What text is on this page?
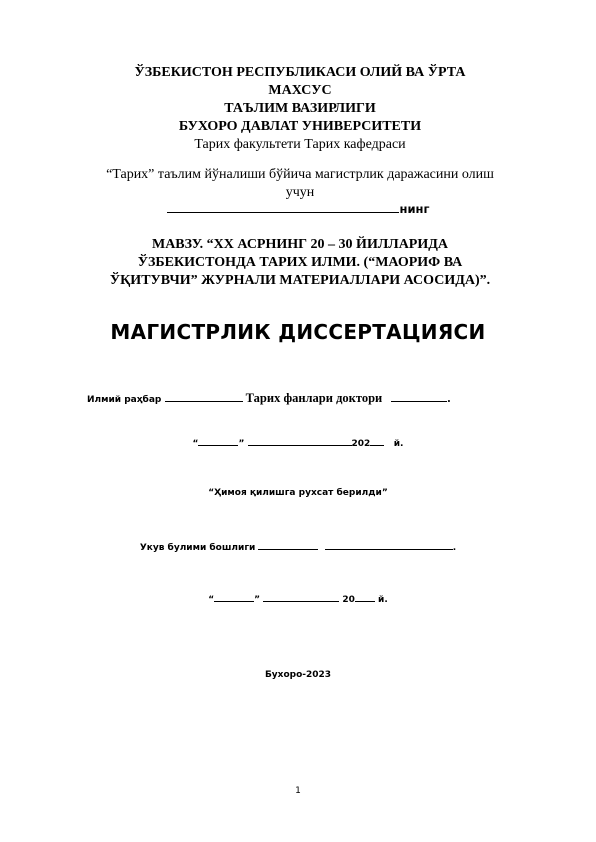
ЎЗБЕКИСТОН РЕСПУБЛИКАСИ ОЛИЙ ВА ЎРТА
МАХСУС
ТАЪЛИМ ВАЗИРЛИГИ
БУХОРО ДАВЛАТ УНИВЕРСИТЕТИ
Тарих факультети Тарих кафедраси
“Тарих” таълим йўналиши бўйича магистрлик даражасини олиш
учун
нинг
МАВЗУ. “XX АСРНИНГ 20 – 30 ЙИЛЛАРИДА
ЎЗБЕКИСТОНДА ТАРИХ ИЛМИ. (“МАОРИФ ВА
ЎҚИТУВЧИ” ЖУРНАЛИ МАТЕРИАЛЛАРИ АСОСИДА)”.
МАГИСТРЛИК ДИССЕРТАЦИЯСИ
Илмий раҳбар	Тарих фанлари доктори	.
“	”	202	й.
“Ҳимоя қилишга рухсат берилди”
Укув булими бошлиги	.
“	”	20	й.
Бухоро-2023
1
